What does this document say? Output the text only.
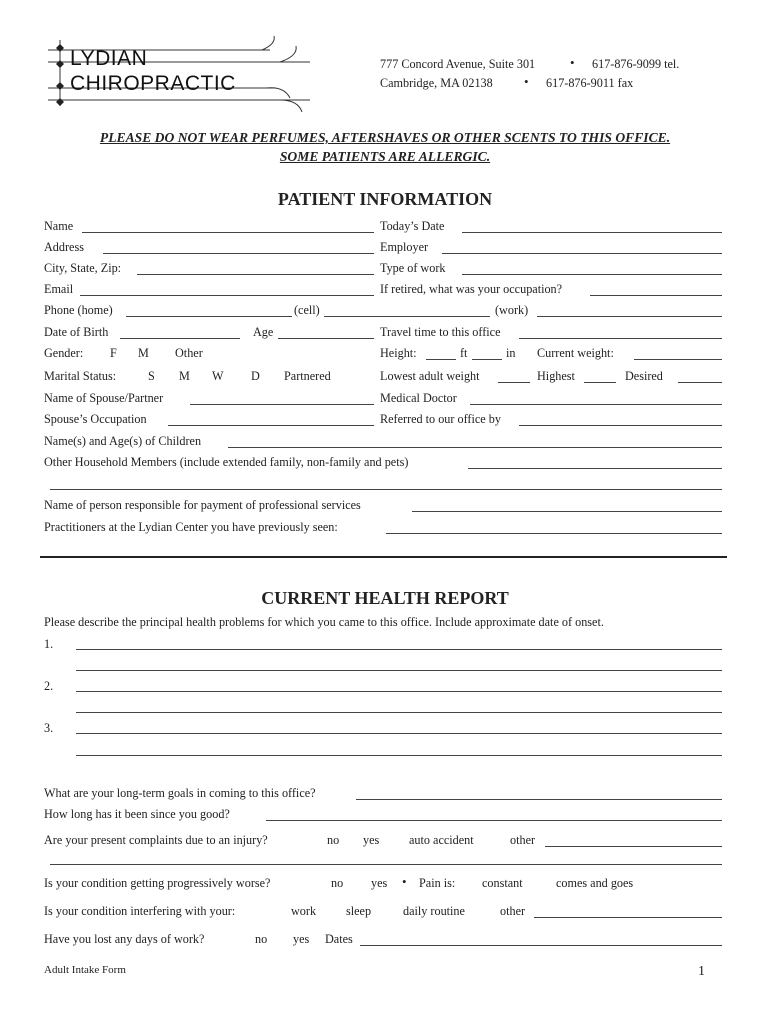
LYDIAN
CHIROPRACTIC
777 Concord Avenue, Suite 301	• 617-876-9099 tel.
Cambridge, MA 02138 • 617-876-9011 fax
PLEASE DO NOT WEAR PERFUMES, AFTERSHAVES OR OTHER SCENTS TO THIS OFFICE.
SOME PATIENTS ARE ALLERGIC.
PATIENT INFORMATION
Name	Today’s Date
Address	Employer
City, State, Zip:	Type of work
Email	If retired, what was your occupation?
Phone (home)	(cell)	(work)
Date of Birth	Age	Travel time to this office
Gender: F M Other	Height:	ft	in Current weight:
Marital Status:	S M W D Partnered	Lowest adult weight	Highest	Desired
Name of Spouse/Partner	Medical Doctor
Spouse’s Occupation	Referred to our office by
Name(s) and Age(s) of Children
Other Household Members (include extended family, non-family and pets)
Name of person responsible for payment of professional services
Practitioners at the Lydian Center you have previously seen:
CURRENT HEALTH REPORT
Please describe the principal health problems for which you came to this office. Include approximate date of onset.
1.
2.
3.
What are your long-term goals in coming to this office?
How long has it been since you good?
Are your present complaints due to an injury?	no yes auto accident	other
Is your condition getting progressively worse?	no yes • Pain is: constant	comes and goes
Is your condition interfering with your:	work sleep	daily routine	other
Have you lost any days of work?	no yes Dates
Adult Intake Form	1
